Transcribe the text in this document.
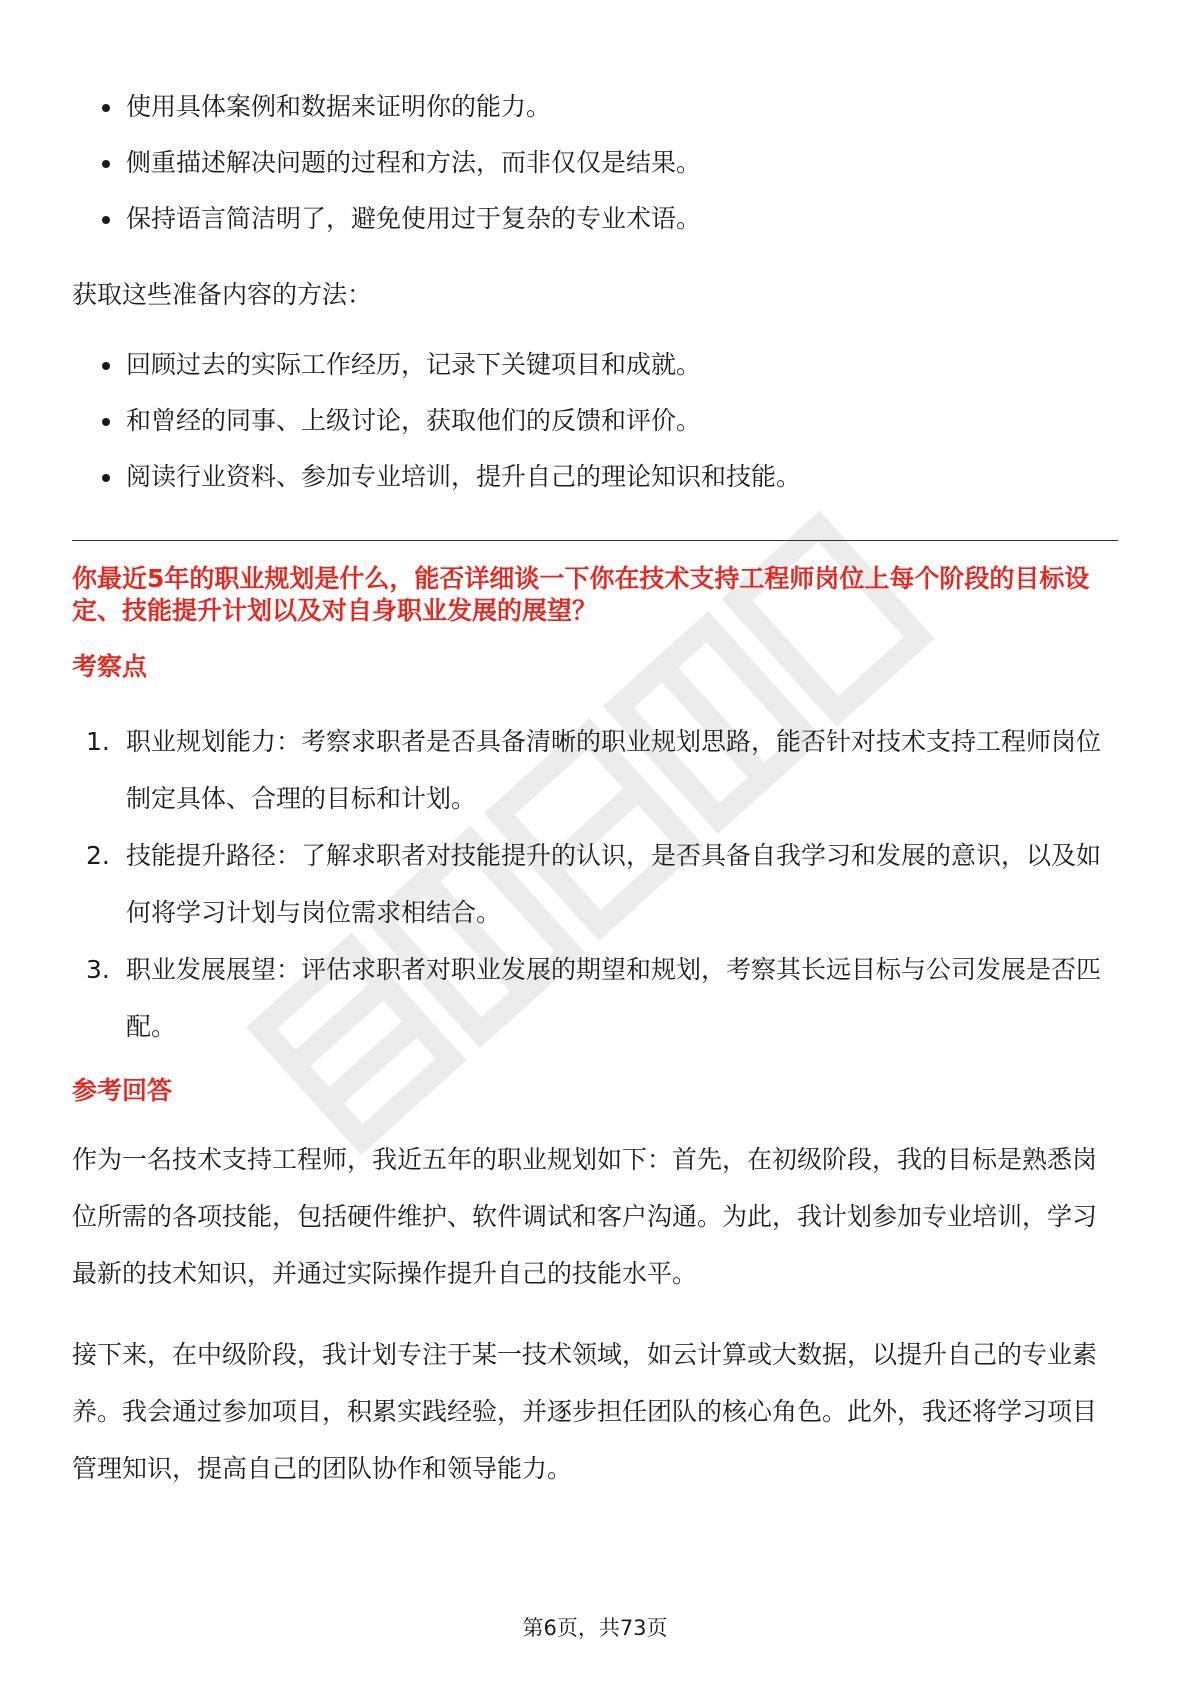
使用具体案例和数据来证明你的能力。
侧重描述解决问题的过程和方法，而非仅仅是结果。
保持语言简洁明了，避免使用过于复杂的专业术语。

获取这些准备内容的方法：

回顾过去的实际工作经历，记录下关键项目和成就。
和曾经的同事、上级讨论，获取他们的反馈和评价。
阅读行业资料、参加专业培训，提升自己的理论知识和技能。

你最近5年的职业规划是什么，能否详细谈一下你在技术支持工程师岗位上每个阶段的目标设定、技能提升计划以及对自身职业发展的展望？

考察点

1. 职业规划能力：考察求职者是否具备清晰的职业规划思路，能否针对技术支持工程师岗位制定具体、合理的目标和计划。
2. 技能提升路径：了解求职者对技能提升的认识，是否具备自我学习和发展的意识，以及如何将学习计划与岗位需求相结合。
3. 职业发展展望：评估求职者对职业发展的期望和规划，考察其长远目标与公司发展是否匹配。

参考回答

作为一名技术支持工程师，我近五年的职业规划如下：首先，在初级阶段，我的目标是熟悉岗位所需的各项技能，包括硬件维护、软件调试和客户沟通。为此，我计划参加专业培训，学习最新的技术知识，并通过实际操作提升自己的技能水平。

接下来，在中级阶段，我计划专注于某一技术领域，如云计算或大数据，以提升自己的专业素养。我会通过参加项目，积累实践经验，并逐步担任团队的核心角色。此外，我还将学习项目管理知识，提高自己的团队协作和领导能力。

第6页，共73页
